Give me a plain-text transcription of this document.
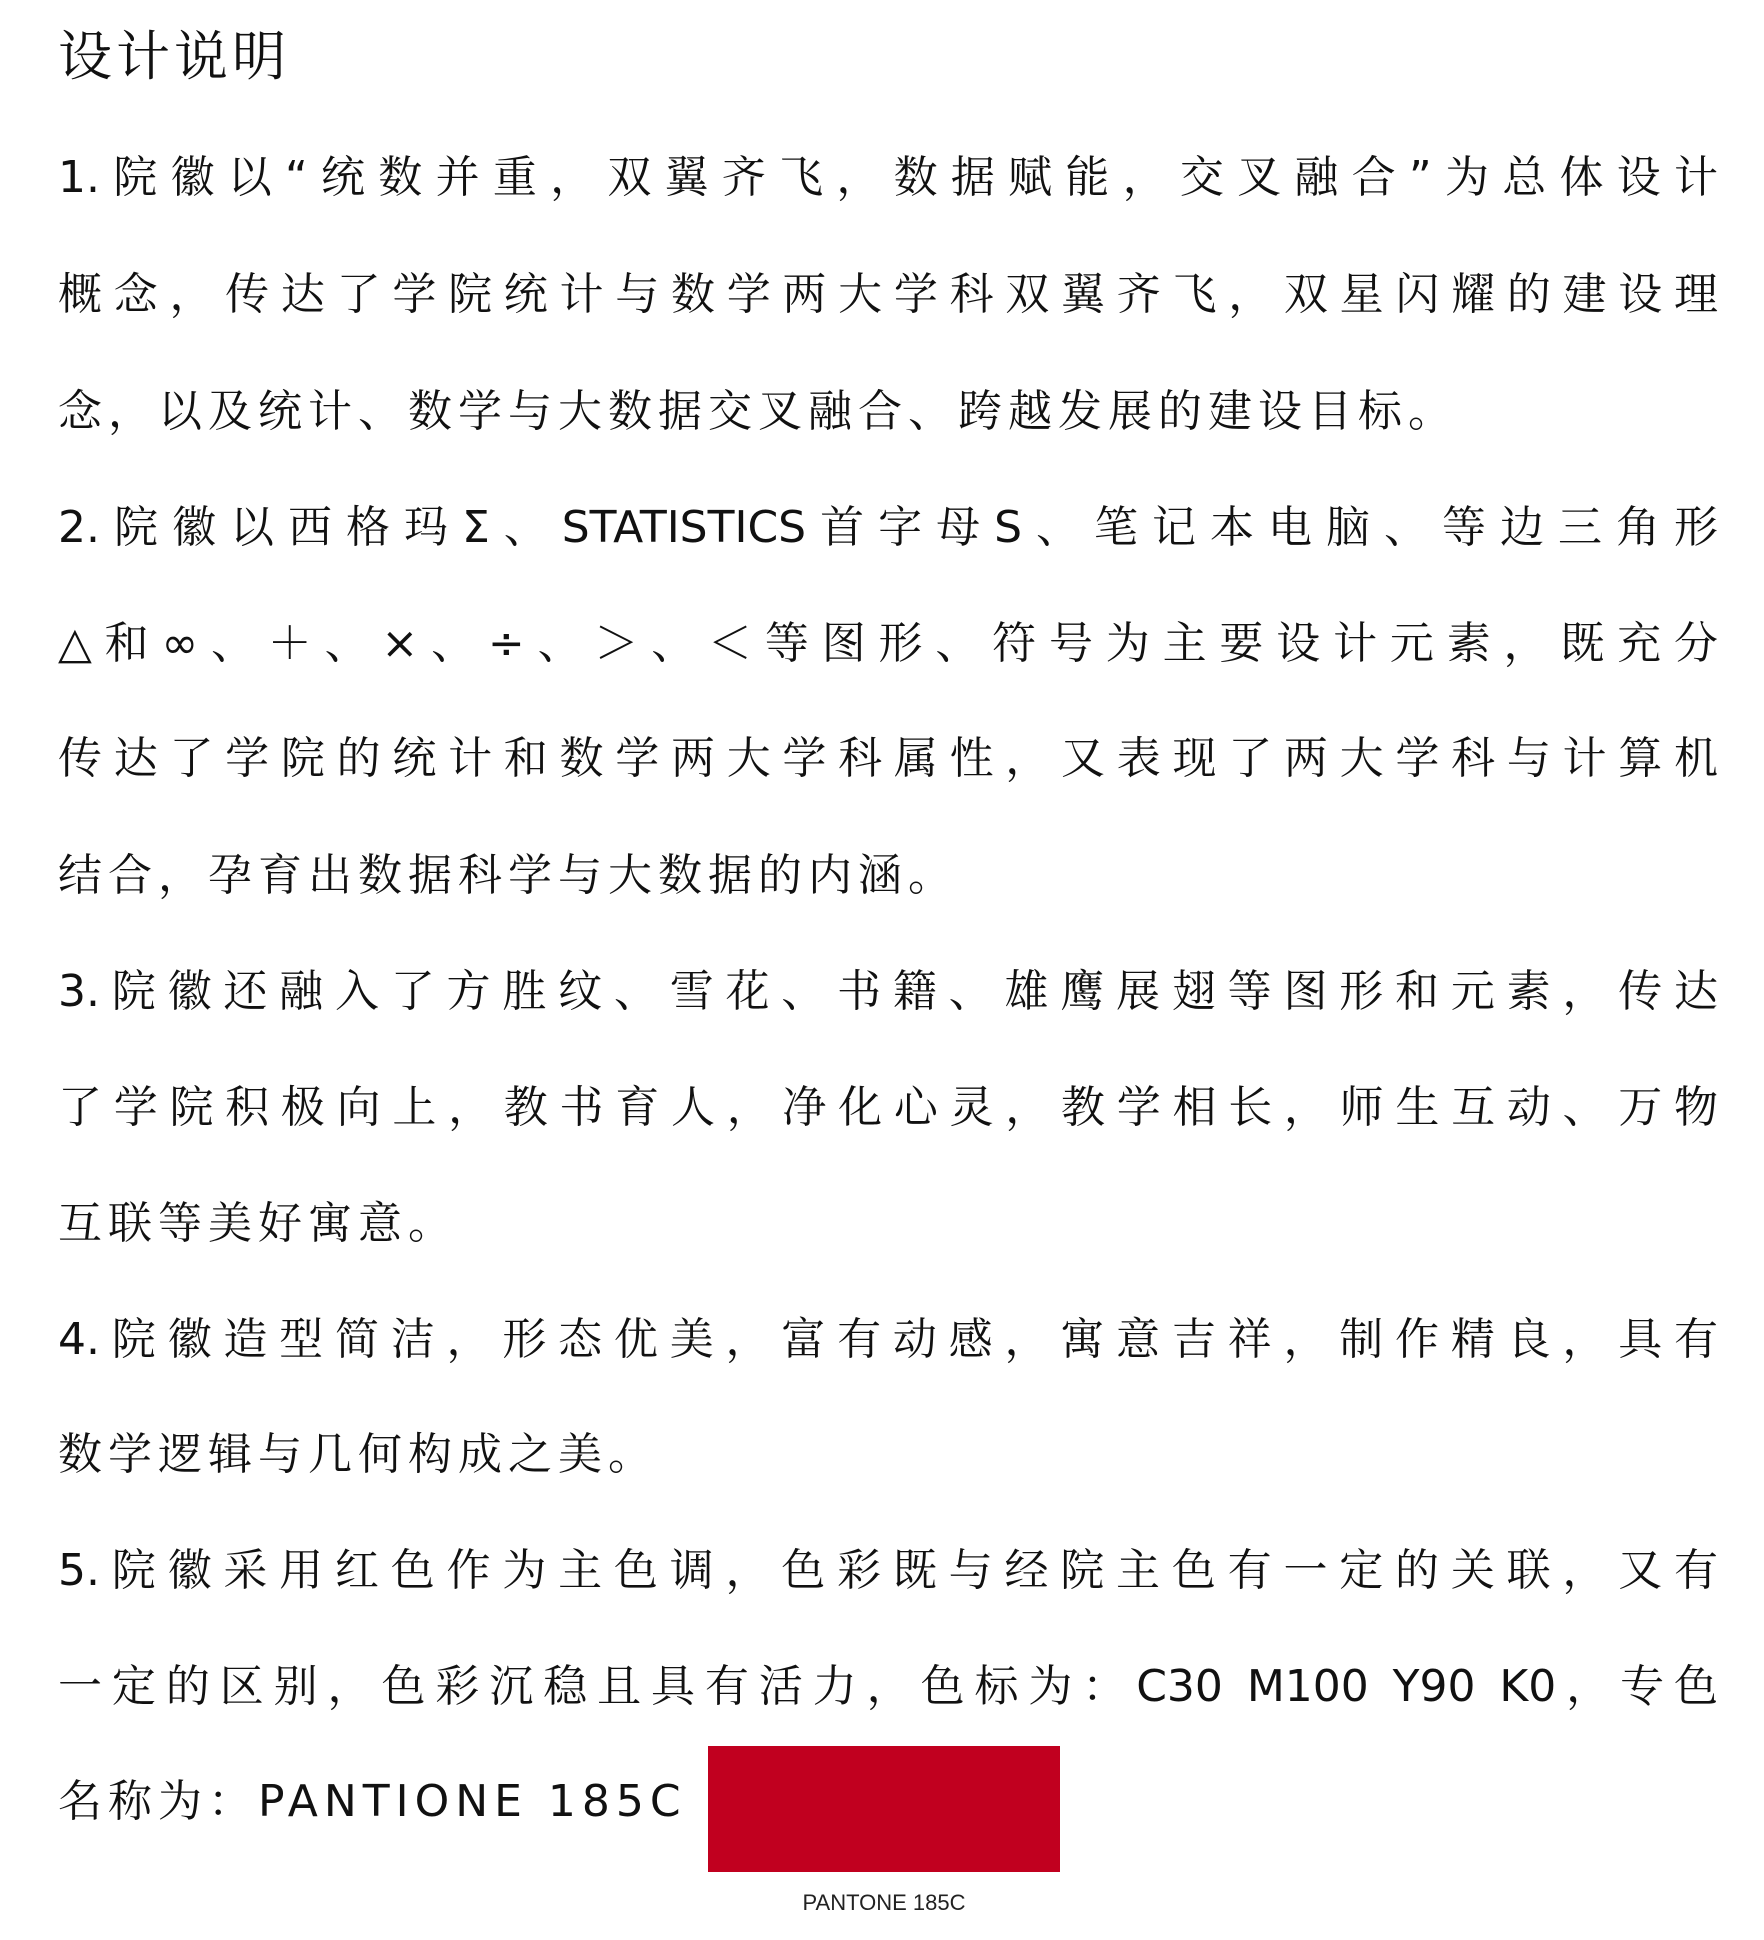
设计说明
1.院徽以“统数并重，双翼齐飞，数据赋能，交叉融合”为总体设计
概念，传达了学院统计与数学两大学科双翼齐飞，双星闪耀的建设理
念，以及统计、数学与大数据交叉融合、跨越发展的建设目标。
2.院徽以西格玛Σ、STATISTICS首字母S、笔记本电脑、等边三角形
△和∞、＋、×、÷、＞、＜等图形、符号为主要设计元素，既充分
传达了学院的统计和数学两大学科属性，又表现了两大学科与计算机
结合，孕育出数据科学与大数据的内涵。
3.院徽还融入了方胜纹、雪花、书籍、雄鹰展翅等图形和元素，传达
了学院积极向上，教书育人，净化心灵，教学相长，师生互动、万物
互联等美好寓意。
4.院徽造型简洁，形态优美，富有动感，寓意吉祥，制作精良，具有
数学逻辑与几何构成之美。
5.院徽采用红色作为主色调，色彩既与经院主色有一定的关联，又有
一定的区别，色彩沉稳且具有活力，色标为：C30 M100 Y90 K0，专色
名称为：PANTIONE 185C
PANTONE 185C
